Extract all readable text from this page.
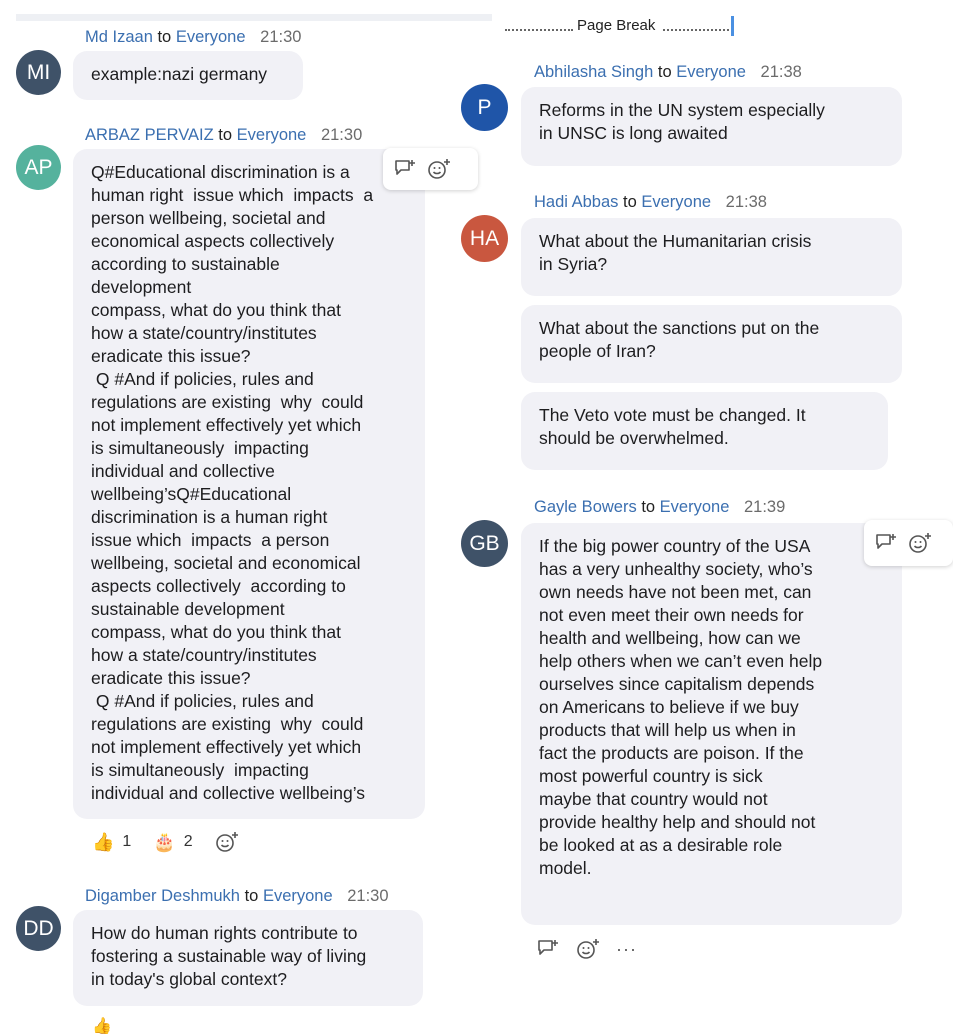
MI
Md Izaan to Everyone 21:30
example:nazi germany
AP
ARBAZ PERVAIZ to Everyone 21:30
Q#Educational discrimination is a
human right  issue which  impacts  a
person wellbeing, societal and
economical aspects collectively
according to sustainable
development
compass, what do you think that
how a state/country/institutes
eradicate this issue?
Q #And if policies, rules and
regulations are existing  why  could
not implement effectively yet which
is simultaneously  impacting
individual and collective
wellbeing’sQ#Educational
discrimination is a human right
issue which  impacts  a person
wellbeing, societal and economical
aspects collectively  according to
sustainable development
compass, what do you think that
how a state/country/institutes
eradicate this issue?
Q #And if policies, rules and
regulations are existing  why  could
not implement effectively yet which
is simultaneously  impacting
individual and collective wellbeing’s
👍 1 🎂 2
DD
Digamber Deshmukh to Everyone 21:30
How do human rights contribute to
fostering a sustainable way of living
in today's global context?
👍
Page Break
P
Abhilasha Singh to Everyone 21:38
Reforms in the UN system especially
in UNSC is long awaited
HA
Hadi Abbas to Everyone 21:38
What about the Humanitarian crisis
in Syria?
What about the sanctions put on the
people of Iran?
The Veto vote must be changed. It
should be overwhelmed.
GB
Gayle Bowers to Everyone 21:39
If the big power country of the USA
has a very unhealthy society, who’s
own needs have not been met, can
not even meet their own needs for
health and wellbeing, how can we
help others when we can’t even help
ourselves since capitalism depends
on Americans to believe if we buy
products that will help us when in
fact the products are poison. If the
most powerful country is sick
maybe that country would not
provide healthy help and should not
be looked at as a desirable role
model.
···
